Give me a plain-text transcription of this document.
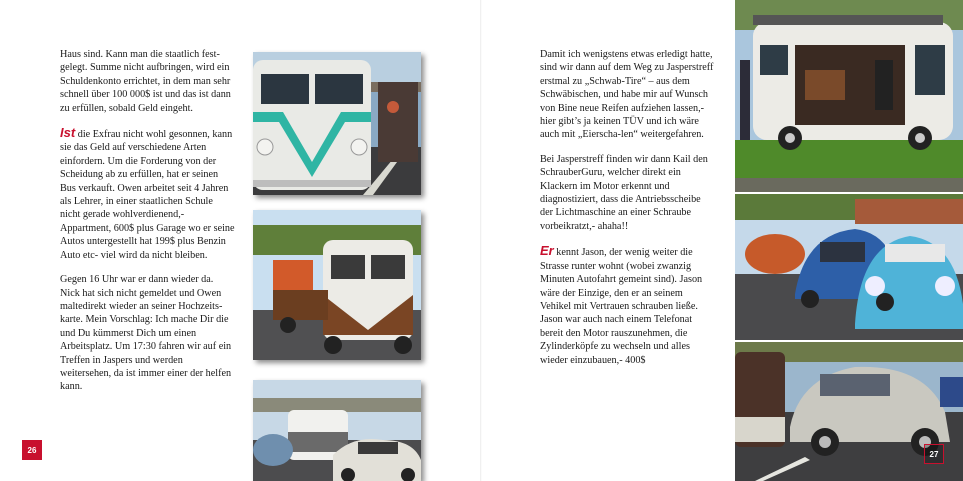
Haus sind. Kann man die staatlich fest-gelegt. Summe nicht aufbringen, wird ein Schuldenkonto errichtet, in dem man sehr schnell über 100 000$ ist und das ist dann zu erfüllen, sobald Geld eingeht.

Ist die Exfrau nicht wohl gesonnen, kann sie das Geld auf verschiedene Arten einfordern. Um die Forderung von der Scheidung ab zu erfüllen, hat er seinen Bus verkauft. Owen arbeitet seit 4 Jahren als Lehrer, in einer staatlichen Schule nicht gerade wohlverdienend,-Appartment, 600$ plus Garage wo er seine Autos untergestellt hat 199$ plus Benzin Auto etc- viel wird da nicht bleiben.

Gegen 16 Uhr war er dann wieder da. Nick hat sich nicht gemeldet und Owen maltedirekt wieder an seiner Hochzeits-karte. Mein Vorschlag: Ich mache Dir die und Du kümmerst Dich um einen Arbeitsplatz. Um 17:30 fahren wir auf ein Treffen in Jaspers und werden weitersehen, da ist immer einer der helfen kann.

26

Damit ich wenigstens etwas erledigt hatte, sind wir dann auf dem Weg zu Jasperstreff erstmal zu „Schwab-Tire“ – aus dem Schwäbischen, und habe mir auf Wunsch von Bine neue Reifen aufziehen lassen,- hier gibt’s ja keinen TÜV und ich wäre auch mit „Eierscha-len“ weitergefahren.

Bei Jasperstreff finden wir dann Kail den SchrauberGuru, welcher direkt ein Klackern im Motor erkennt und diagnostiziert, dass die Antriebsscheibe der Lichtmaschine an einer Schraube vorbeikratzt,- ahaha!!

Er kennt Jason, der wenig weiter die Strasse runter wohnt (wobei zwanzig Minuten Autofahrt gemeint sind). Jason wäre der Einzige, den er an seinem Vehikel mit Vertrauen schrauben ließe. Jason war auch nach einem Telefonat bereit den Motor rauszunehmen, die Zylinderköpfe zu wechseln und alles wieder einzubauen,- 400$

27
